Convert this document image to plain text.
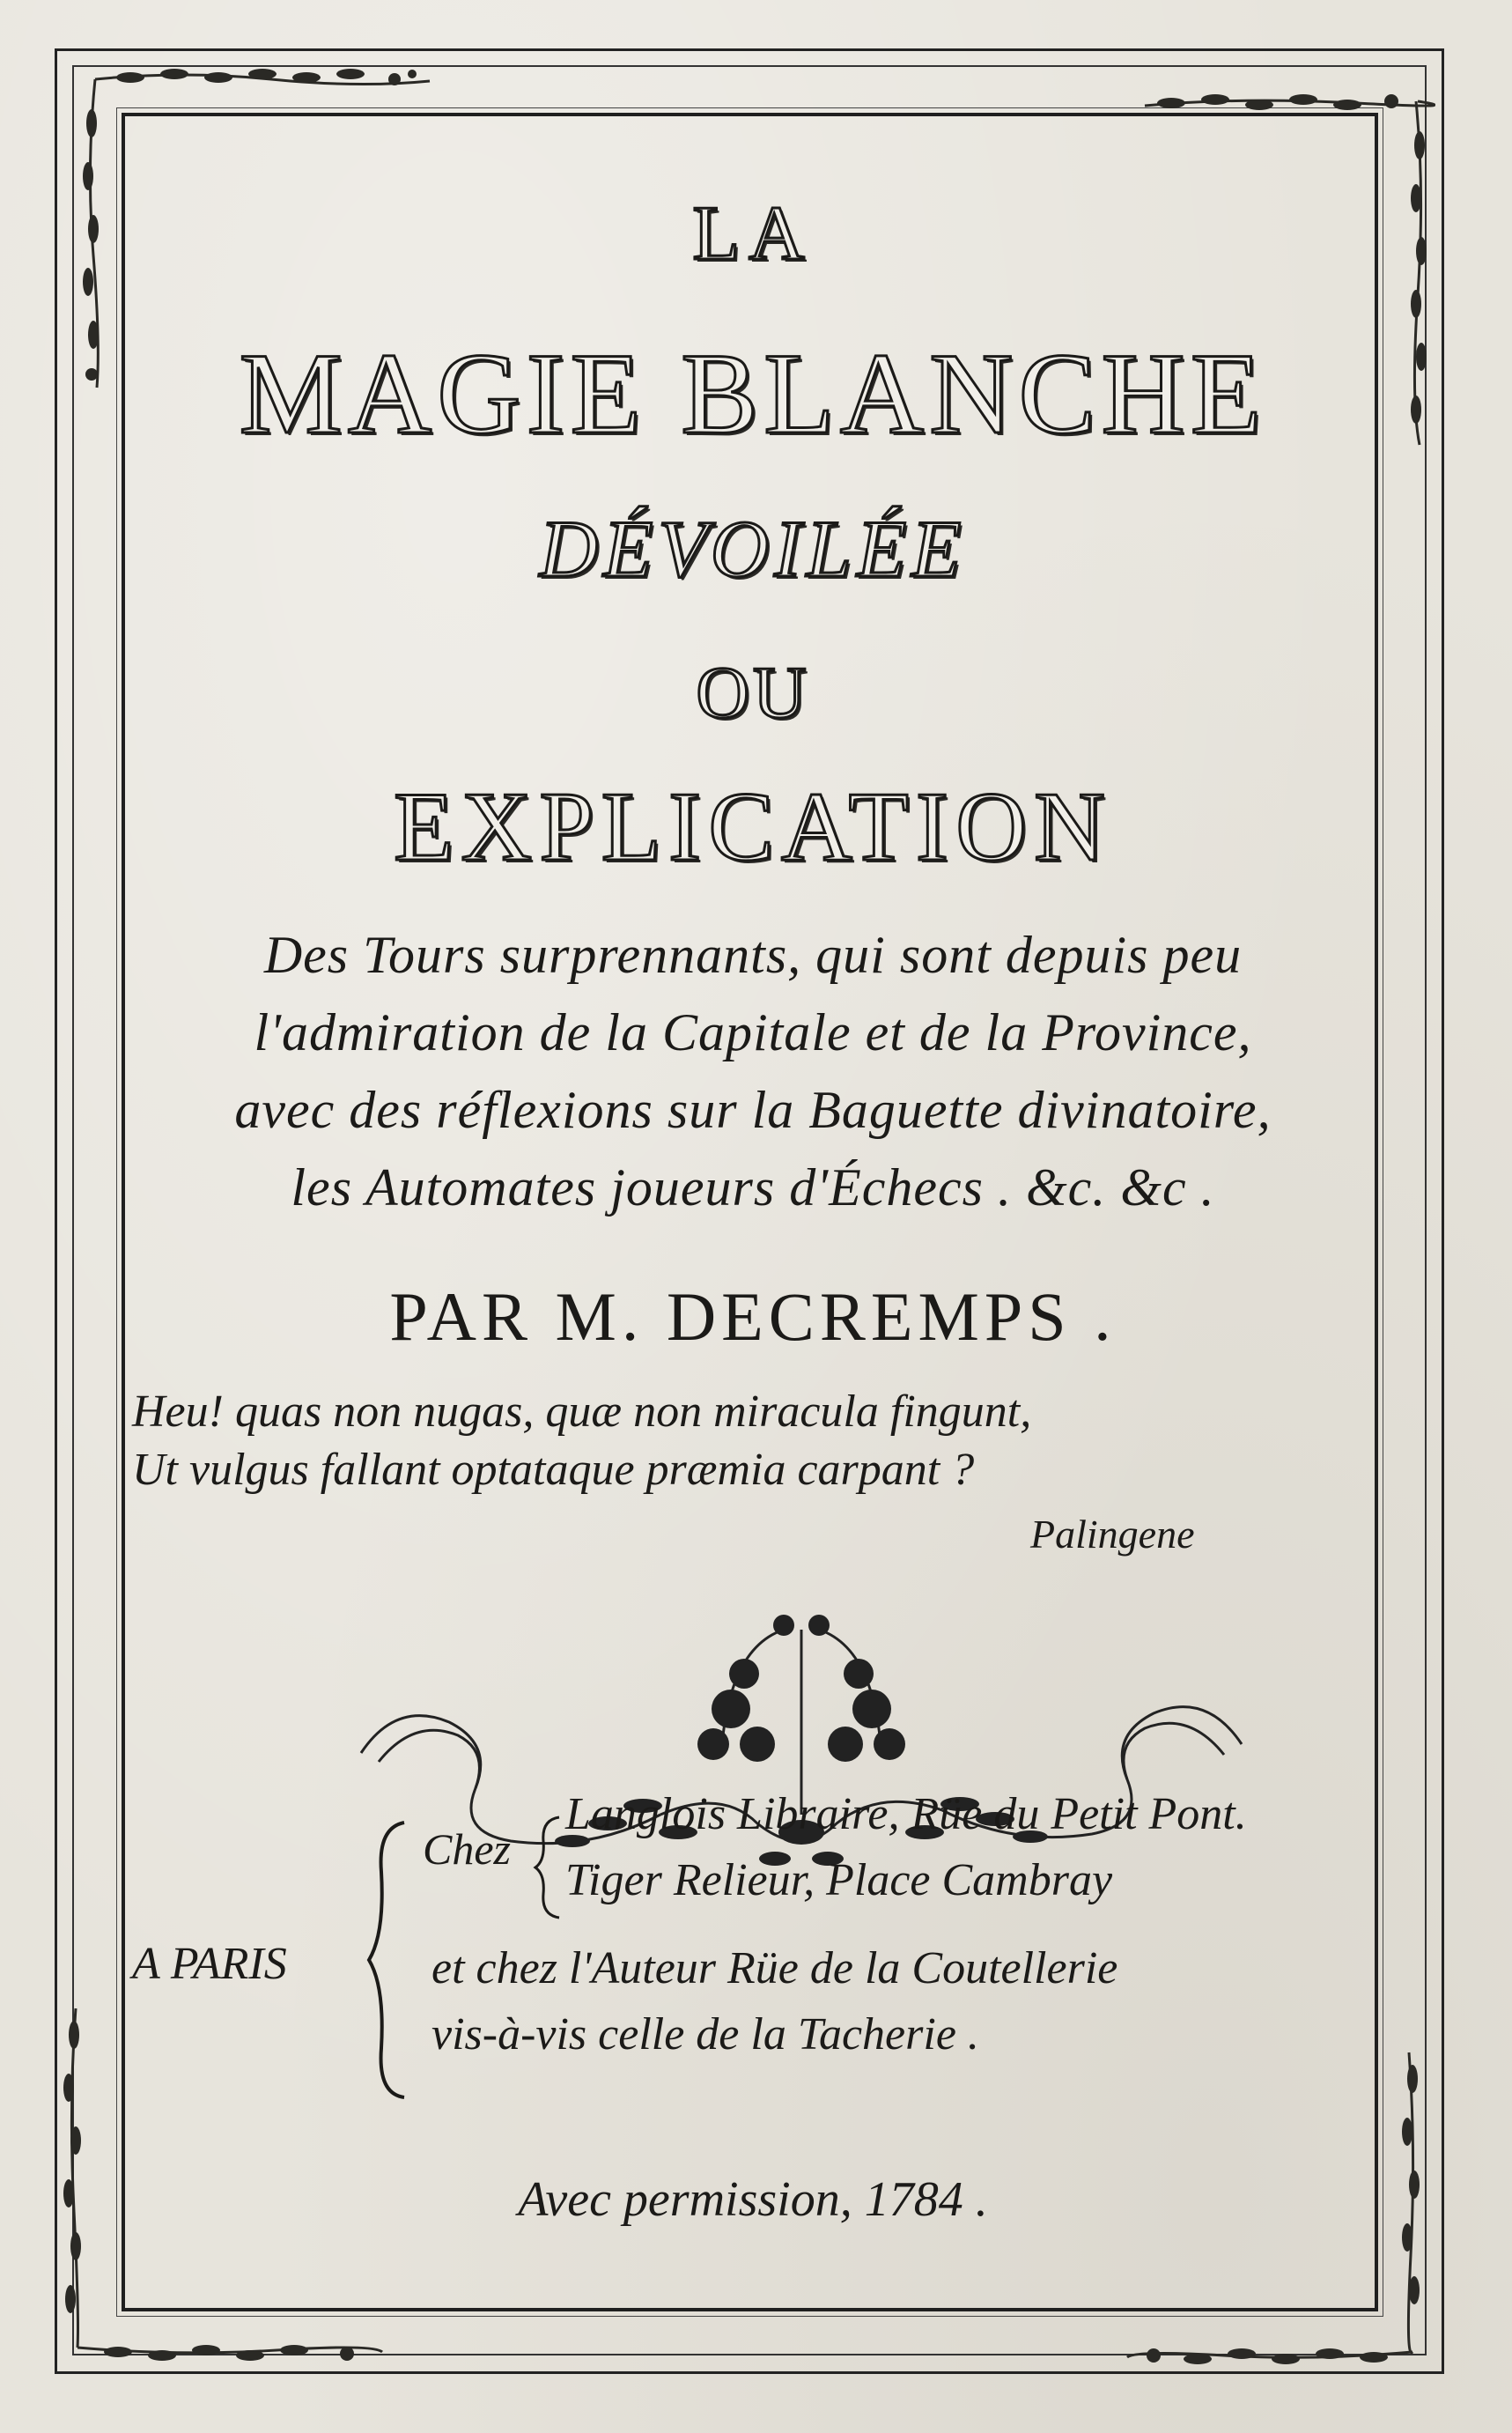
LA
MAGIE BLANCHE
DÉVOILÉE
OU
EXPLICATION
Des Tours surprennants, qui sont depuis peu
l'admiration de la Capitale et de la Province,
avec des réflexions sur la Baguette divinatoire,
les Automates joueurs d'Échecs . &c. &c .
PAR M. DECREMPS .
Heu! quas non nugas, quæ non miracula fingunt,
Ut vulgus fallant optataque præmia carpant ?
Palingene
A PARIS
Chez
Langlois Libraire, Rüe du Petit Pont.
Tiger Relieur, Place Cambray
et chez l'Auteur Rüe de la Coutellerie
vis-à-vis celle de la Tacherie .
Avec permission, 1784 .
